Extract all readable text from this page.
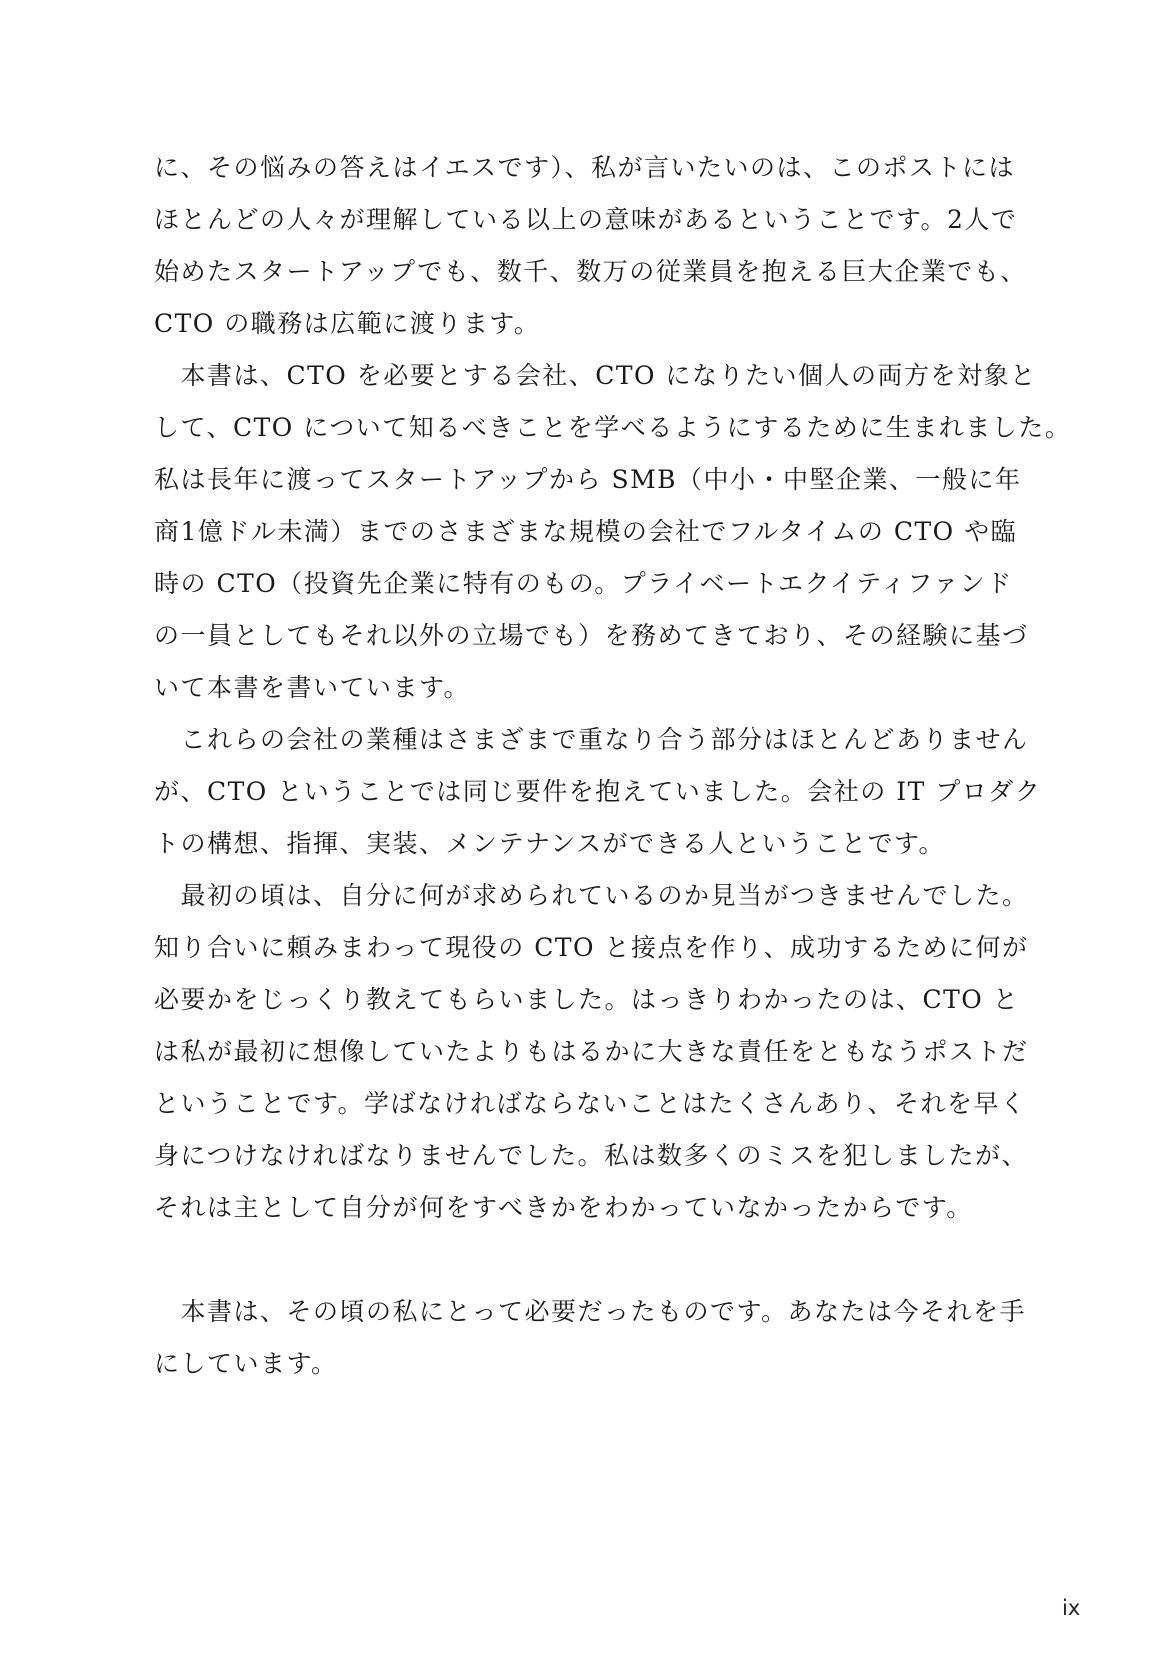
に、その悩みの答えはイエスです）、私が言いたいのは、このポストには
ほとんどの人々が理解している以上の意味があるということです。2人で
始めたスタートアップでも、数千、数万の従業員を抱える巨大企業でも、
CTO の職務は広範に渡ります。
　本書は、CTO を必要とする会社、CTO になりたい個人の両方を対象と
して、CTO について知るべきことを学べるようにするために生まれました。
私は長年に渡ってスタートアップから SMB（中小・中堅企業、一般に年
商1億ドル未満）までのさまざまな規模の会社でフルタイムの CTO や臨
時の CTO（投資先企業に特有のもの。プライベートエクイティファンド
の一員としてもそれ以外の立場でも）を務めてきており、その経験に基づ
いて本書を書いています。
　これらの会社の業種はさまざまで重なり合う部分はほとんどありません
が、CTO ということでは同じ要件を抱えていました。会社の IT プロダク
トの構想、指揮、実装、メンテナンスができる人ということです。
　最初の頃は、自分に何が求められているのか見当がつきませんでした。
知り合いに頼みまわって現役の CTO と接点を作り、成功するために何が
必要かをじっくり教えてもらいました。はっきりわかったのは、CTO と
は私が最初に想像していたよりもはるかに大きな責任をともなうポストだ
ということです。学ばなければならないことはたくさんあり、それを早く
身につけなければなりませんでした。私は数多くのミスを犯しましたが、
それは主として自分が何をすべきかをわかっていなかったからです。
　本書は、その頃の私にとって必要だったものです。あなたは今それを手
にしています。
ix
